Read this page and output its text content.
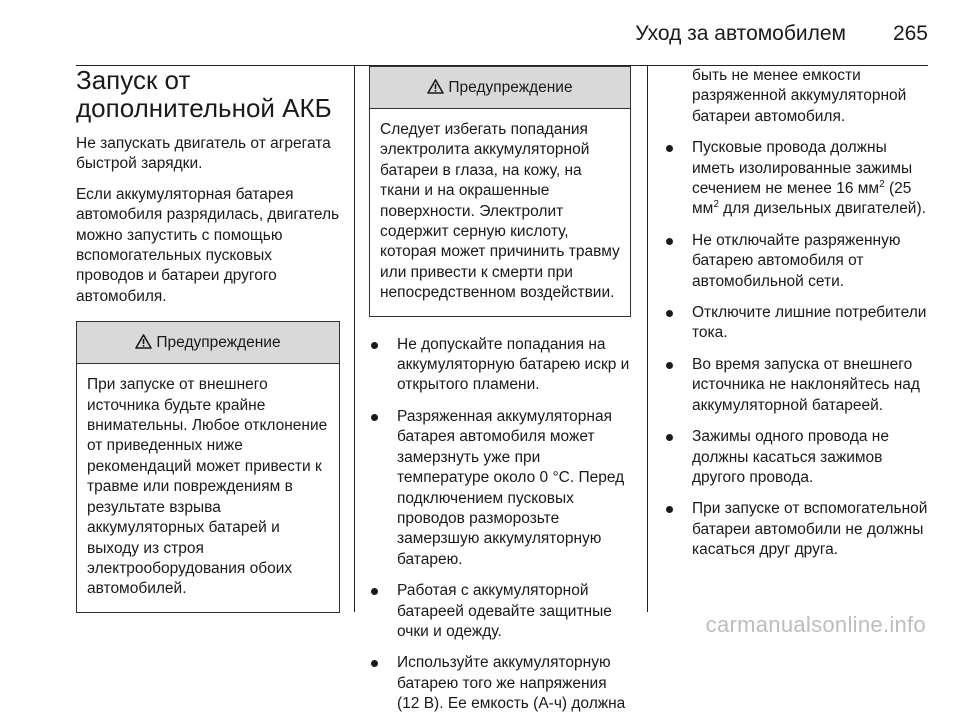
Уход за автомобилем 265
Запуск от
дополнительной АКБ

Не запускать двигатель от агрегата быстрой зарядки.

Если аккумуляторная батарея автомобиля разрядилась, двигатель можно запустить с помощью вспомогательных пусковых проводов и батареи другого автомобиля.

Предупреждение
При запуске от внешнего источника будьте крайне внимательны. Любое отклонение от приведенных ниже рекомендаций может привести к травме или повреждениям в результате взрыва аккумуляторных батарей и выходу из строя электрооборудования обоих автомобилей.
Предупреждение
Следует избегать попадания электролита аккумуляторной батареи в глаза, на кожу, на ткани и на окрашенные поверхности. Электролит содержит серную кислоту, которая может причинить травму или привести к смерти при непосредственном воздействии.
Не допускайте попадания на аккумуляторную батарею искр и открытого пламени.
Разряженная аккумуляторная батарея автомобиля может замерзнуть уже при температуре около 0 °C. Перед подключением пусковых проводов разморозьте замерзшую аккумуляторную батарею.
Работая с аккумуляторной батареей одевайте защитные очки и одежду.
Используйте аккумуляторную батарею того же напряжения (12 В). Ее емкость (А-ч) должна

быть не менее емкости разряженной аккумуляторной батареи автомобиля.

Пусковые провода должны иметь изолированные зажимы сечением не менее 16 $мм^2$ (25 $мм^2$ для дизельных двигателей).
Не отключайте разряженную батарею автомобиля от автомобильной сети.
Отключите лишние потребители тока.
Во время запуска от внешнего источника не наклоняйтесь над аккумуляторной батареей.
Зажимы одного провода не должны касаться зажимов другого провода.
При запуске от вспомогательной батареи автомобили не должны касаться друг друга.
carmanualsonline.info
